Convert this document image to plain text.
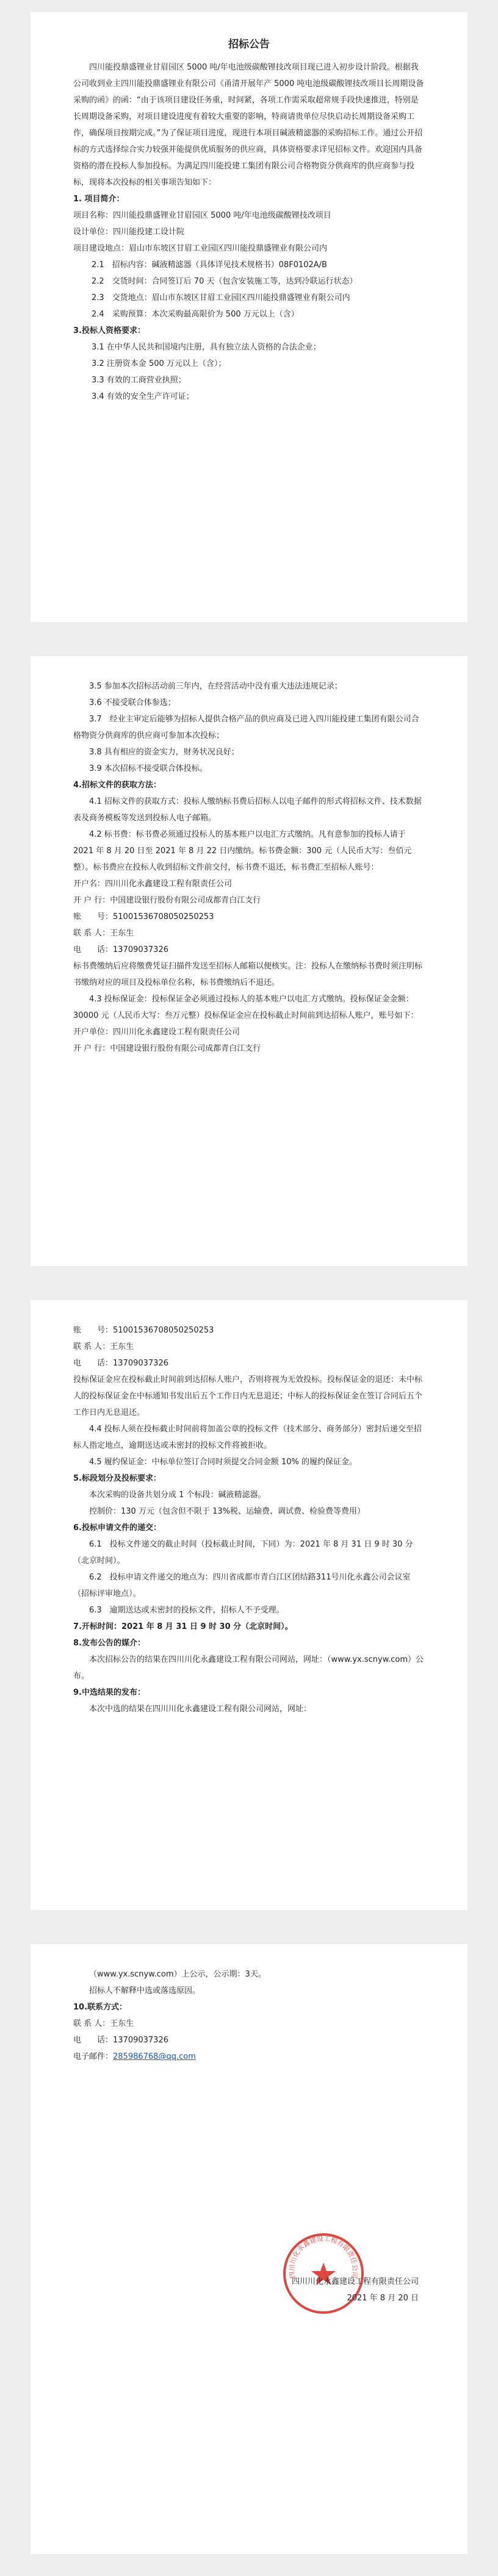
招标公告

四川能投鼎盛锂业甘眉园区 5000 吨/年电池级碳酸锂技改项目现已进入初步设计阶段。根据我公司收到业主四川能投鼎盛锂业有限公司《甬清开展年产 5000 吨电池级碳酸锂技改项目长周期设备采购的函》的函：“由于该项目建设任务重，时间紧，各项工作需采取超常规手段快速推进，特别是长周期设备采购，对项目建设进度有着较大重要的影响，特商请贵单位尽快启动长周期设备采购工作，确保项目按期完成。”为了保证项目进度，现进行本项目碱液精滤器的采购招标工作。通过公开招标的方式选择综合实力较强并能提供优质服务的供应商，具体资格要求详见招标文件。欢迎国内具备资格的潜在投标人参加投标。为满足四川能投建工集团有限公司合格物资分供商库的供应商参与投标，现将本次投标的相关事项告知如下：

1. 项目简介：

项目名称：四川能投鼎盛锂业甘眉园区 5000 吨/年电池级碳酸锂技改项目

设计单位：四川能投建工设计院

项目建设地点：眉山市东坡区甘眉工业园区四川能投鼎盛锂业有限公司内

2.1　招标内容：碱液精滤器（具体详见技术规格书）08F0102A/B

2.2　交货时间：合同签订后 70 天（包含安装施工等，达到冷联运行状态）

2.3　交货地点：眉山市东坡区甘眉工业园区四川能投鼎盛锂业有限公司内

2.4　采购预算：本次采购最高限价为 500 万元以上（含）

3.投标人资格要求：

3.1 在中华人民共和国境内注册，具有独立法人资格的合法企业；

3.2 注册资本金 500 万元以上（含）；

3.3 有效的工商营业执照；

3.4 有效的安全生产许可证；

3.5 参加本次招标活动前三年内，在经营活动中没有重大违法违规记录；

3.6 不接受联合体参选；

3.7　经业主审定后能够为招标人提供合格产品的供应商及已进入四川能投建工集团有限公司合格物资分供商库的供应商可参加本次投标；

3.8 具有相应的资金实力，财务状况良好；

3.9 本次招标不接受联合体投标。

4.招标文件的获取方法：

4.1 招标文件的获取方式：投标人缴纳标书费后招标人以电子邮件的形式将招标文件、技术数据表及商务模板等发送到投标人电子邮箱。

4.2 标书费：标书费必须通过投标人的基本账户以电汇方式缴纳。凡有意参加的投标人请于 2021 年 8 月 20 日至 2021 年 8 月 22 日内缴纳。标书费金额：300 元（人民币大写：叁佰元整）。标书费应在投标人收到招标文件前交付，标书费不退还，标书费汇至招标人账号：

开户名：四川川化永鑫建设工程有限责任公司

开 户 行：中国建设银行股份有限公司成都青白江支行

账　　号：51001536708050250253

联 系 人：王东生

电　　话：13709037326

标书费缴纳后应将缴费凭证扫描件发送至招标人邮箱以便核实。注：投标人在缴纳标书费时须注明标书缴纳对应的项目及投标单位名称，标书费缴纳后不退还。

4.3 投标保证金：投标保证金必须通过投标人的基本账户以电汇方式缴纳。投标保证金金额：30000 元（人民币大写：叁万元整）投标保证金应在投标截止时间前到达招标人账户，账号如下：

开户单位：四川川化永鑫建设工程有限责任公司

开 户 行：中国建设银行股份有限公司成都青白江支行

账　　号：51001536708050250253

联 系 人：王东生

电　　话：13709037326

投标保证金应在投标截止时间前到达招标人账户，否则将视为无效投标。投标保证金的退还：未中标人的投标保证金在中标通知书发出后五个工作日内无息退还；中标人的投标保证金在签订合同后五个工作日内无息退还。

4.4 投标人须在投标截止时间前将加盖公章的投标文件（技术部分、商务部分）密封后递交至招标人指定地点，逾期送达或未密封的投标文件将被拒收。

4.5 履约保证金：中标单位签订合同时须提交合同金额 10% 的履约保证金。

5.标段划分及投标要求：

本次采购的设备共划分成 1 个标段：碱液精滤器。

控制价：130 万元（包含但不限于 13%税、运输费、调试费、检验费等费用）

6.投标申请文件的递交：

6.1　投标文件递交的截止时间（投标截止时间，下同）为：2021 年 8 月 31 日 9 时 30 分（北京时间）。

6.2　投标申请文件递交的地点为：四川省成都市青白江区团结路311号川化永鑫公司会议室（招标评审地点）。

6.3　逾期送达或未密封的投标文件，招标人不予受理。

7.开标时间：2021 年 8 月 31 日 9 时 30 分（北京时间）。

8.发布公告的媒介：

本次招标公告的结果在四川川化永鑫建设工程有限公司网站，网址：（www.yx.scnyw.com）公布。

9.中选结果的发布：

本次中选的结果在四川川化永鑫建设工程有限公司网站，网址：

（www.yx.scnyw.com）上公示，公示期：3天。

招标人不解释中选或落选原因。

10.联系方式：

联 系 人：王东生

电　　话：13709037326

电子邮件：285986768@qq.com

四川川化永鑫建设工程有限责任公司

四川川化永鑫建设工程有限责任公司

2021 年 8 月 20 日
